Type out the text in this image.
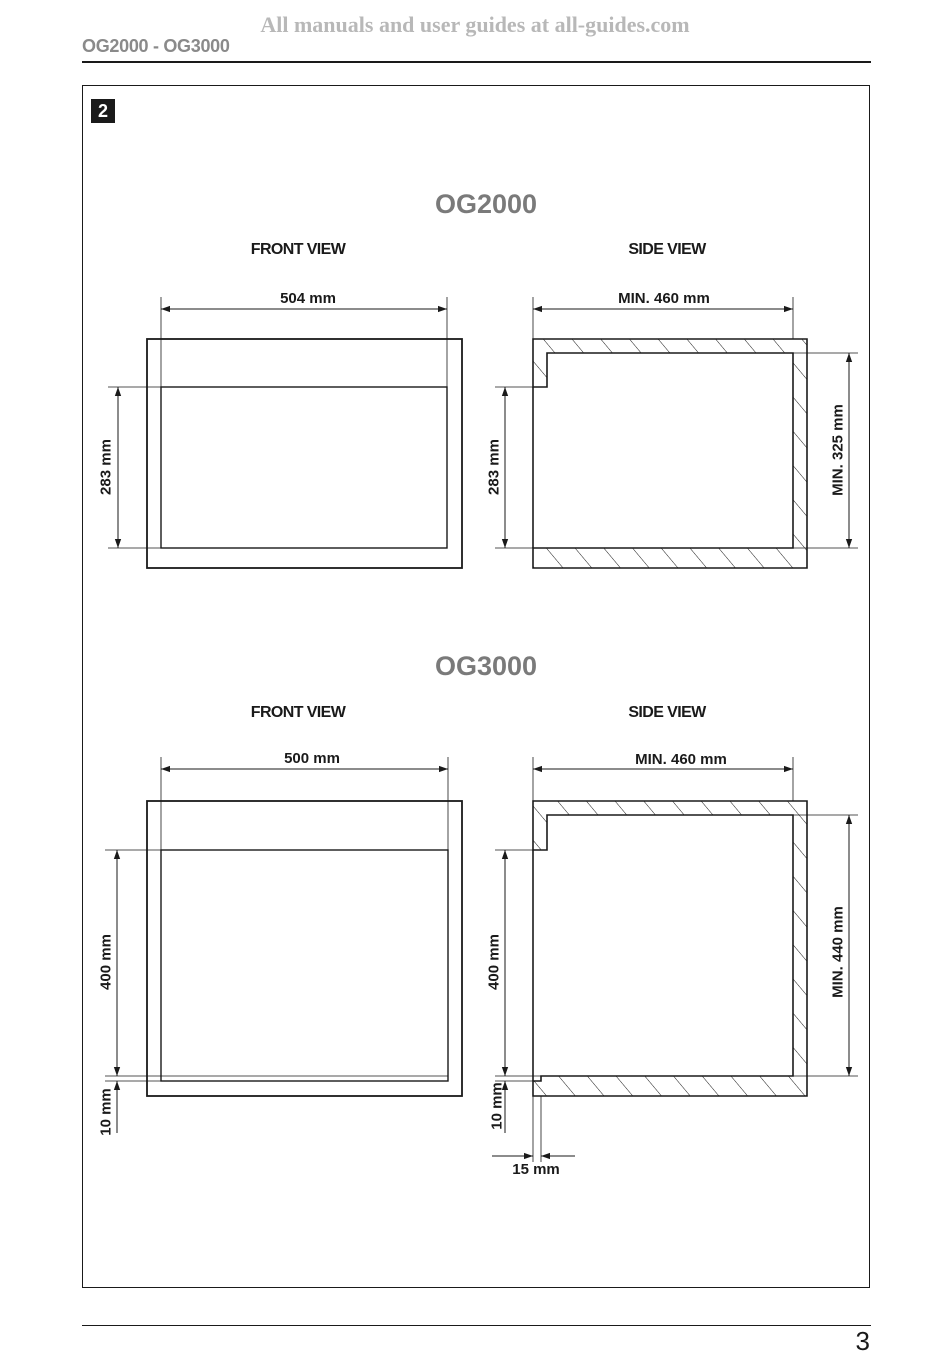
All manuals and user guides at all-guides.com
OG2000 - OG3000
2
OG2000
FRONT VIEW	SIDE VIEW
504 mm
283 mm
MIN. 460 mm
283 mm	MIN. 325 mm
OG3000
FRONT VIEW	SIDE VIEW
500 mm
400 mm
10 mm
MIN. 460 mm
400 mm
10 mm
MIN. 440 mm
15 mm
3
